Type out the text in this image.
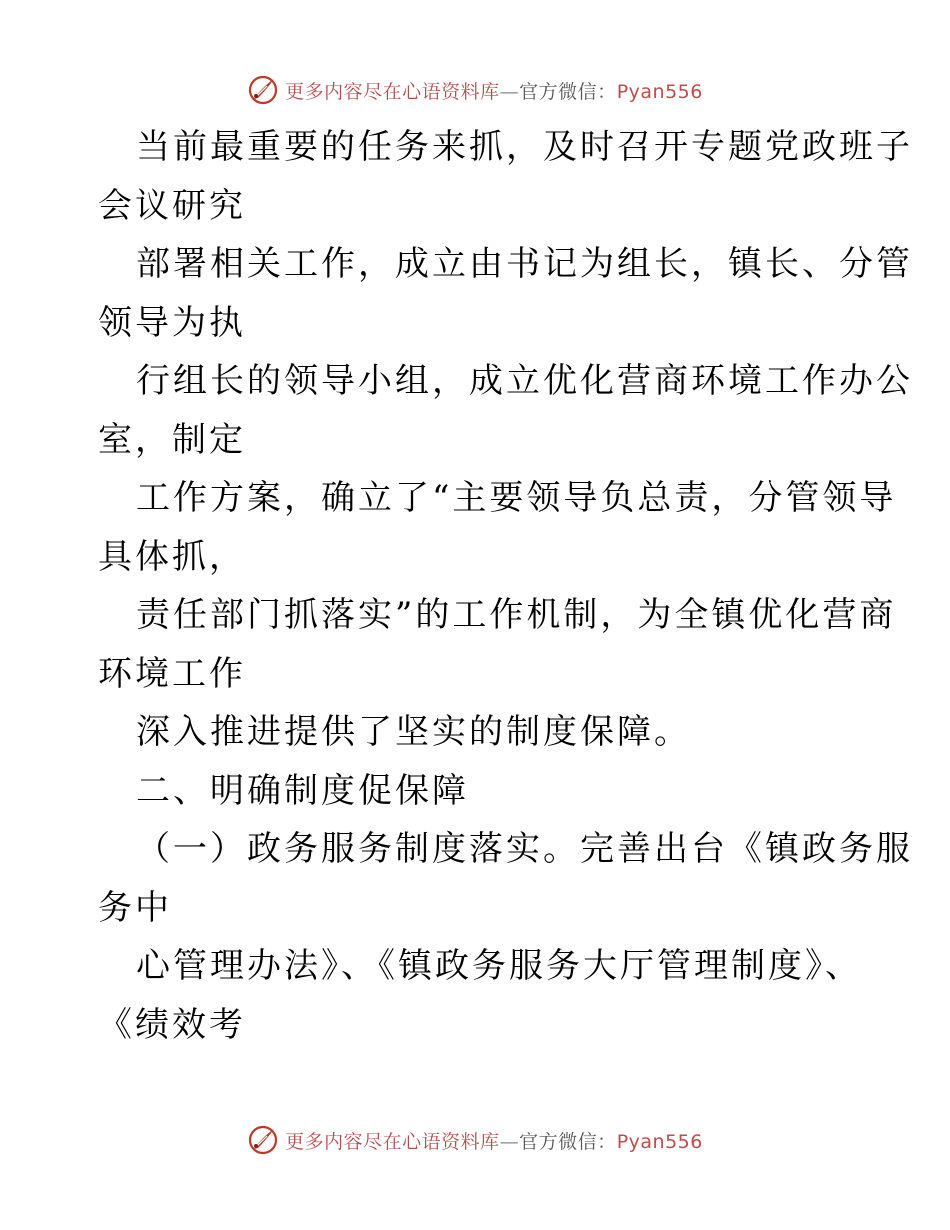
更多内容尽在心语资料库—官方微信：Pyan556
当前最重要的任务来抓，及时召开专题党政班子
会议研究
部署相关工作，成立由书记为组长，镇长、分管
领导为执
行组长的领导小组，成立优化营商环境工作办公
室，制定
工作方案，确立了“主要领导负总责，分管领导
具体抓，
责任部门抓落实”的工作机制，为全镇优化营商
环境工作
深入推进提供了坚实的制度保障。
二、明确制度促保障
（一）政务服务制度落实。完善出台《镇政务服
务中
心管理办法》、《镇政务服务大厅管理制度》、
《绩效考
更多内容尽在心语资料库—官方微信：Pyan556
